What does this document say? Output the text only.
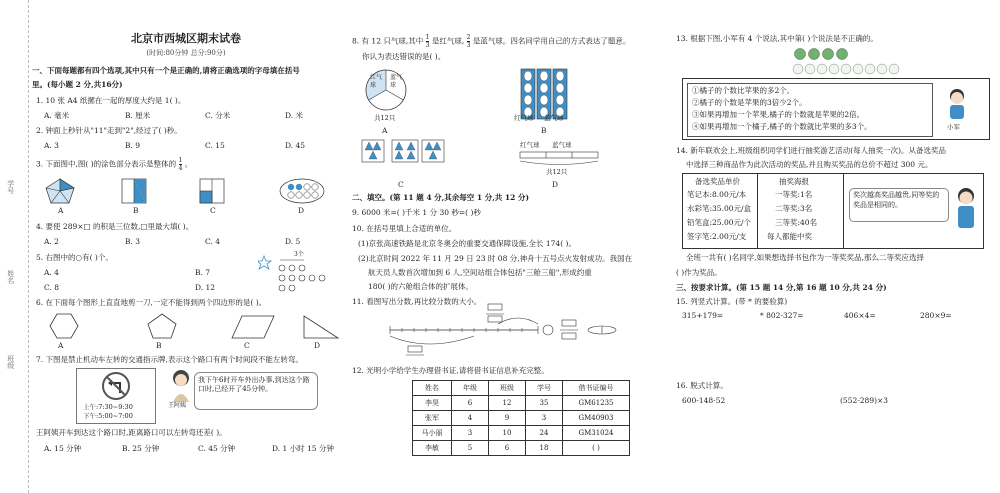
学号
姓名
班级
北京市西城区期末试卷
(时间:80分钟 总分:90分)
一、下面每题都有四个选项,其中只有一个是正确的,请将正确选项的字母填在括号
里。(每小题 2 分,共16分)
1. 10 张 A4 纸摞在一起的厚度大约是 1( )。
A. 毫米	B. 厘米	C. 分米	D. 米
2. 钟面上秒针从"11"走到"2",经过了( )秒。
A. 3	B. 9	C. 15	D. 45
3. 下面图中,图( )的涂色部分表示是整体的 $\frac{1}{4}$ 。
A	B	C	D
4. 要使 289×□ 的积是三位数,□里最大填( )。
A. 2	B. 3	C. 4	D. 5
5. 右图中的○有( )个。
A. 4	B. 7
C. 8	D. 12
3个
6. 在下面每个图形上直直地剪一刀,一定不能得到两个四边形的是( )。
A	B	C	D
7. 下图是禁止机动车左转的交通指示牌,表示这个路口有两个时间段不能左转弯。
上午:7:30~9:30
下午:5:00~7:00
王阿姨
我下午6时开车外出办事,到达这个路口时,已经开了45分钟。
王阿姨开车到达这个路口时,距离路口可以左转弯还差( )。
A. 15 分钟	B. 25 分钟	C. 45 分钟	D. 1 小时 15 分钟
8. 有 12 只气球,其中 $\frac{1}{3}$ 是红气球, $\frac{2}{3}$ 是蓝气球。四名同学用自己的方式表达了题意。
你认为表达错误的是( )。
红气球
蓝气球
共12只
A
红气球 蓝气球
B
C
红气球 蓝气球
共12只
D
二、填空。(第 11 题 4 分,其余每空 1 分,共 12 分)
9. 6000 米=( )千米 1 分 30 秒=( )秒
10. 在括号里填上合适的单位。
(1)京张高速铁路是北京冬奥会的重要交通保障设施,全长 174( )。
(2)北京时间 2022 年 11 月 29 日 23 时 08 分,神舟十五号点火发射成功。我国在
航天员人数首次增加到 6 人,空间站组合体包括"三舱三船",形成约重
180( )的六舱组合体的扩展体。
11. 看图写出分数,再比较分数的大小。
12. 光明小学给学生办理借书证,请将借书证信息补充完整。
姓名	年级	班级	学号	借书证编号
李昊	6	12	35	GM61235
张军	4	9	3	GM40903
马小丽	3	10	24	GM31024
李敏	5	6	18	( )
13. 根据下图,小军有 4 个说法,其中第( )个说法是不正确的。
①橘子的个数比苹果的多2个。
②橘子的个数是苹果的3倍少2个。
③如果再增加一个苹果,橘子的个数就是苹果的2倍。
④如果再增加一个橘子,橘子的个数就比苹果的多3个。	小军
14. 新年联欢会上,班级组织同学们进行抽奖游艺活动(每人抽奖一次)。从备选奖品
中选择三种商品作为此次活动的奖品,并且购买奖品的总价不超过 300 元。
备选奖品单价
笔记本:8.00元/本
水彩笔:35.00元/盒
铅笔盒:25.00元/个
签字笔:2.00元/支
抽奖海报
一等奖:1名
二等奖:3名
三等奖:40名
每人都能中奖
奖次越高奖品越贵,同等奖的奖品是相同的。
全班一共有( )名同学,如果想选择书包作为一等奖奖品,那么二等奖应选择
( )作为奖品。
三、按要求计算。(第 15 题 14 分,第 16 题 10 分,共 24 分)
15. 列竖式计算。(带 * 的要验算)
315+179=	* 802-327=	406×4=	280×9=
16. 脱式计算。
600-148-52	(552-289)×3
